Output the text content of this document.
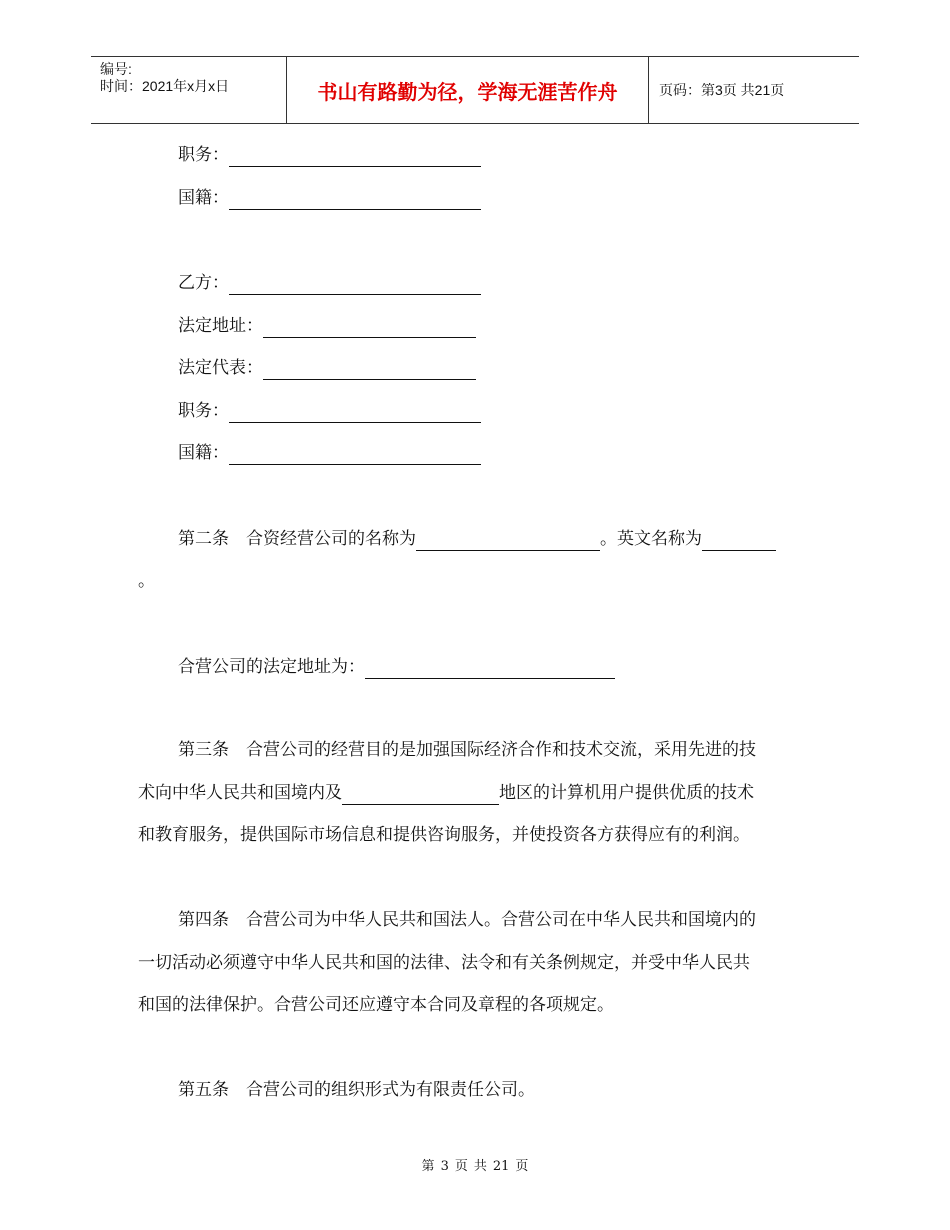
编号:
时间：2021年x月x日	书山有路勤为径，学海无涯苦作舟	页码：第3页 共21页
职务：
国籍：
乙方：
法定地址：
法定代表：
职务：
国籍：
第二条　合资经营公司的名称为	。英文名称为
。
合营公司的法定地址为：
第三条　合营公司的经营目的是加强国际经济合作和技术交流，采用先进的技
术向中华人民共和国境内及	地区的计算机用户提供优质的技术
和教育服务，提供国际市场信息和提供咨询服务，并使投资各方获得应有的利润。
第四条　合营公司为中华人民共和国法人。合营公司在中华人民共和国境内的
一切活动必须遵守中华人民共和国的法律、法令和有关条例规定，并受中华人民共
和国的法律保护。合营公司还应遵守本合同及章程的各项规定。
第五条　合营公司的组织形式为有限责任公司。
第 3 页 共 21 页
